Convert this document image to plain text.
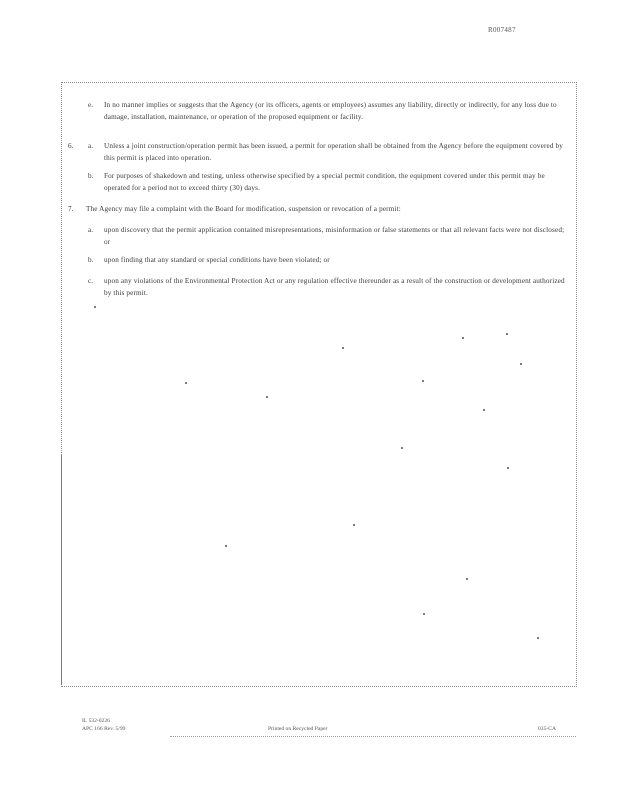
R007487
e. In no manner implies or suggests that the Agency (or its officers, agents or employees) assumes any liability, directly or indirectly, for any loss due to damage, installation, maintenance, or operation of the proposed equipment or facility.
6. a. Unless a joint construction/operation permit has been issued, a permit for operation shall be obtained from the Agency before the equipment covered by this permit is placed into operation.
b. For purposes of shakedown and testing, unless otherwise specified by a special permit condition, the equipment covered under this permit may be operated for a period not to exceed thirty (30) days.
7. The Agency may file a complaint with the Board for modification, suspension or revocation of a permit:
a. upon discovery that the permit application contained misrepresentations, misinformation or false statements or that all relevant facts were not disclosed; or
b. upon finding that any standard or special conditions have been violated; or
c. upon any violations of the Environmental Protection Act or any regulation effective thereunder as a result of the construction or development authorized by this permit.
IL 532-0226
APC 166 Rev. 5/99	Printed on Recycled Paper	035-CA
